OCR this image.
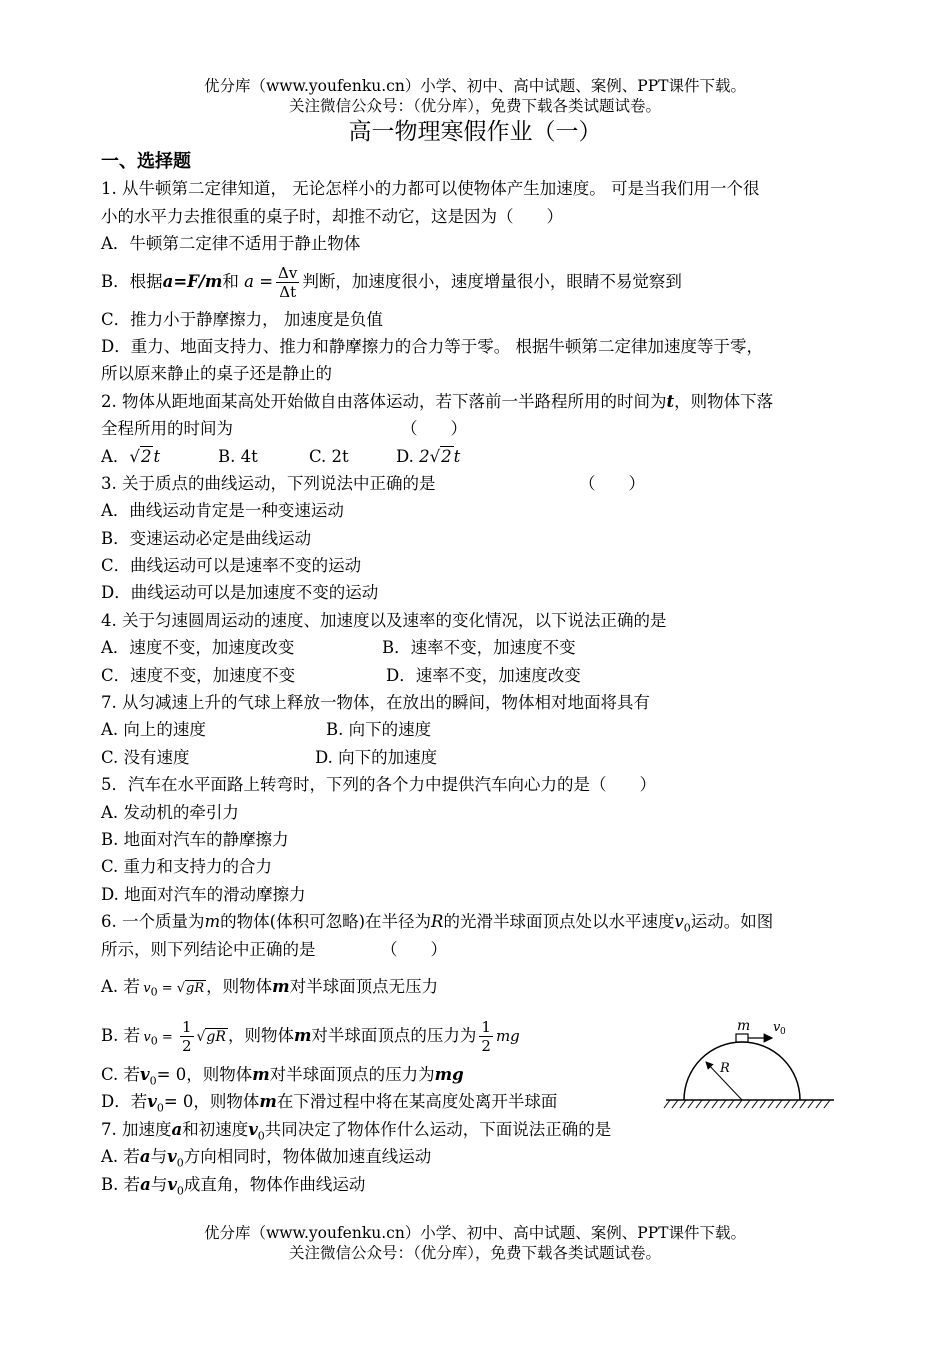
优分库（www.youfenku.cn）小学、初中、高中试题、案例、PPT课件下载。
关注微信公众号：（优分库），免费下载各类试题试卷。
高一物理寒假作业（一）
一、选择题
1. 从牛顿第二定律知道， 无论怎样小的力都可以使物体产生加速度。 可是当我们用一个很
小的水平力去推很重的桌子时，却推不动它，这是因为（　　）
A．牛顿第二定律不适用于静止物体
B．根据a=F/m和 $a = \frac{\Delta v}{\Delta t}$ 判断，加速度很小，速度增量很小，眼睛不易觉察到
C．推力小于静摩擦力， 加速度是负值
D．重力、地面支持力、推力和静摩擦力的合力等于零。 根据牛顿第二定律加速度等于零，
所以原来静止的桌子还是静止的
2. 物体从距地面某高处开始做自由落体运动，若下落前一半路程所用的时间为t，则物体下落
全程所用的时间为	（　　）
A．√2 t	B. 4t	C. 2t	D. 2√2 t
3. 关于质点的曲线运动，下列说法中正确的是	（　　）
A．曲线运动肯定是一种变速运动
B．变速运动必定是曲线运动
C．曲线运动可以是速率不变的运动
D．曲线运动可以是加速度不变的运动
4. 关于匀速圆周运动的速度、加速度以及速率的变化情况，以下说法正确的是
A．速度不变，加速度改变	B．速率不变，加速度不变
C．速度不变，加速度不变	D．速率不变，加速度改变
7. 从匀减速上升的气球上释放一物体，在放出的瞬间，物体相对地面将具有
A. 向上的速度	B. 向下的速度
C. 没有速度	D. 向下的加速度
5．汽车在水平面路上转弯时，下列的各个力中提供汽车向心力的是（　　）
A. 发动机的牵引力
B. 地面对汽车的静摩擦力
C. 重力和支持力的合力
D. 地面对汽车的滑动摩擦力
6. 一个质量为m的物体(体积可忽略)在半径为R的光滑半球面顶点处以水平速度$v_0$运动。如图
所示，则下列结论中正确的是	（　　）
A. 若  $v_0 = √gR$ ，则物体m对半球面顶点无压力
B. 若  $v_0 = \frac{1}{2} √gR$ ，则物体m对半球面顶点的压力为 $\frac{1}{2}$ mg
C. 若$v_0= 0$，则物体m对半球面顶点的压力为mg
D．若$v_0= 0$，则物体m在下滑过程中将在某高度处离开半球面
7. 加速度a和初速度$v_0$共同决定了物体作什么运动，下面说法正确的是
A. 若a与$v_0$方向相同时，物体做加速直线运动
B. 若a与$v_0$成直角，物体作曲线运动
m v 0
R
优分库（www.youfenku.cn）小学、初中、高中试题、案例、PPT课件下载。
关注微信公众号：（优分库），免费下载各类试题试卷。
